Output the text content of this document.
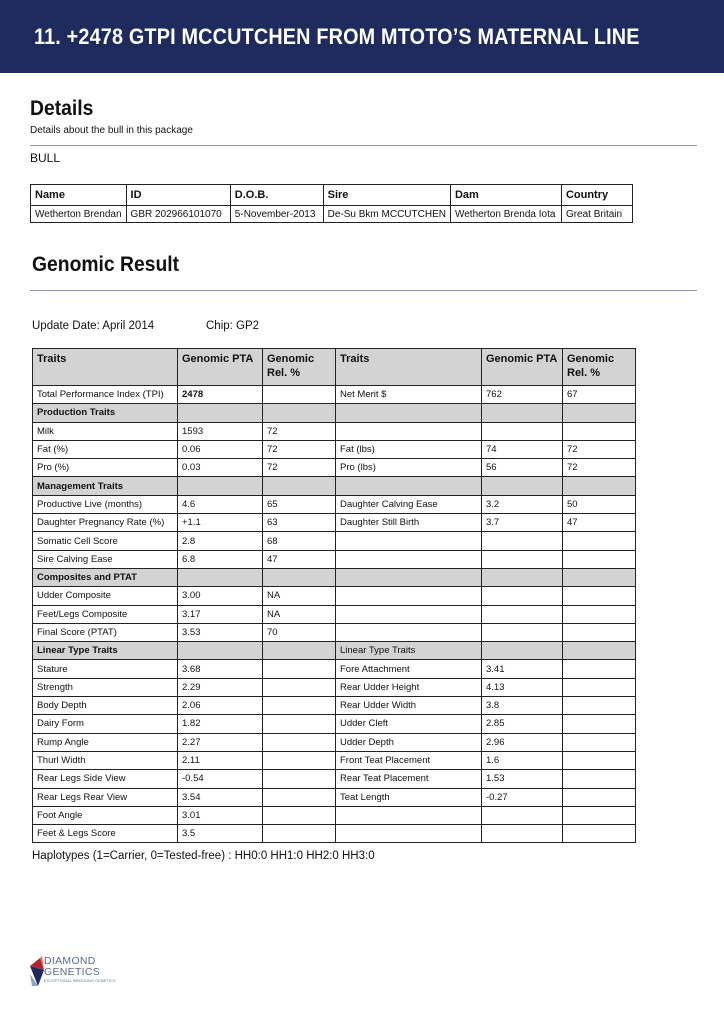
11. +2478 GTPI MCCUTCHEN FROM MTOTO’S MATERNAL LINE
Details
Details about the bull in this package
BULL
Name	ID	D.O.B.	Sire	Dam	Country
Wetherton Brendan	GBR 202966101070	5-November-2013	De-Su Bkm MCCUTCHEN	Wetherton Brenda Iota	Great Britain
Genomic Result
Update Date: April 2014	Chip: GP2
Traits	Genomic PTA	Genomic Rel. %	Traits	Genomic PTA	Genomic Rel. %
Total Performance Index (TPI)	2478		Net Merit $	762	67
Production Traits					
Milk	1593	72			
Fat (%)	0.06	72	Fat (lbs)	74	72
Pro (%)	0.03	72	Pro (lbs)	56	72
Management Traits					
Productive Live (months)	4.6	65	Daughter Calving Ease	3.2	50
Daughter Pregnancy Rate (%)	+1.1	63	Daughter Still Birth	3.7	47
Somatic Cell Score	2.8	68			
Sire Calving Ease	6.8	47			
Composites and PTAT					
Udder Composite	3.00	NA			
Feet/Legs Composite	3.17	NA			
Final Score (PTAT)	3.53	70			
Linear Type Traits			Linear Type Traits		
Stature	3.68		Fore Attachment	3.41	
Strength	2.29		Rear Udder Height	4.13	
Body Depth	2.06		Rear Udder Width	3.8	
Dairy Form	1.82		Udder Cleft	2.85	
Rump Angle	2.27		Udder Depth	2.96	
Thurl Width	2.11		Front Teat Placement	1.6	
Rear Legs Side View	-0.54		Rear Teat Placement	1.53	
Rear Legs Rear View	3.54		Teat Length	-0.27	
Foot Angle	3.01				
Feet & Legs Score	3.5				
Haplotypes (1=Carrier, 0=Tested-free) : HH0:0 HH1:0 HH2:0 HH3:0
DIAMOND
GENETICS
EXCEPTIONAL BREEDING GENETICS
